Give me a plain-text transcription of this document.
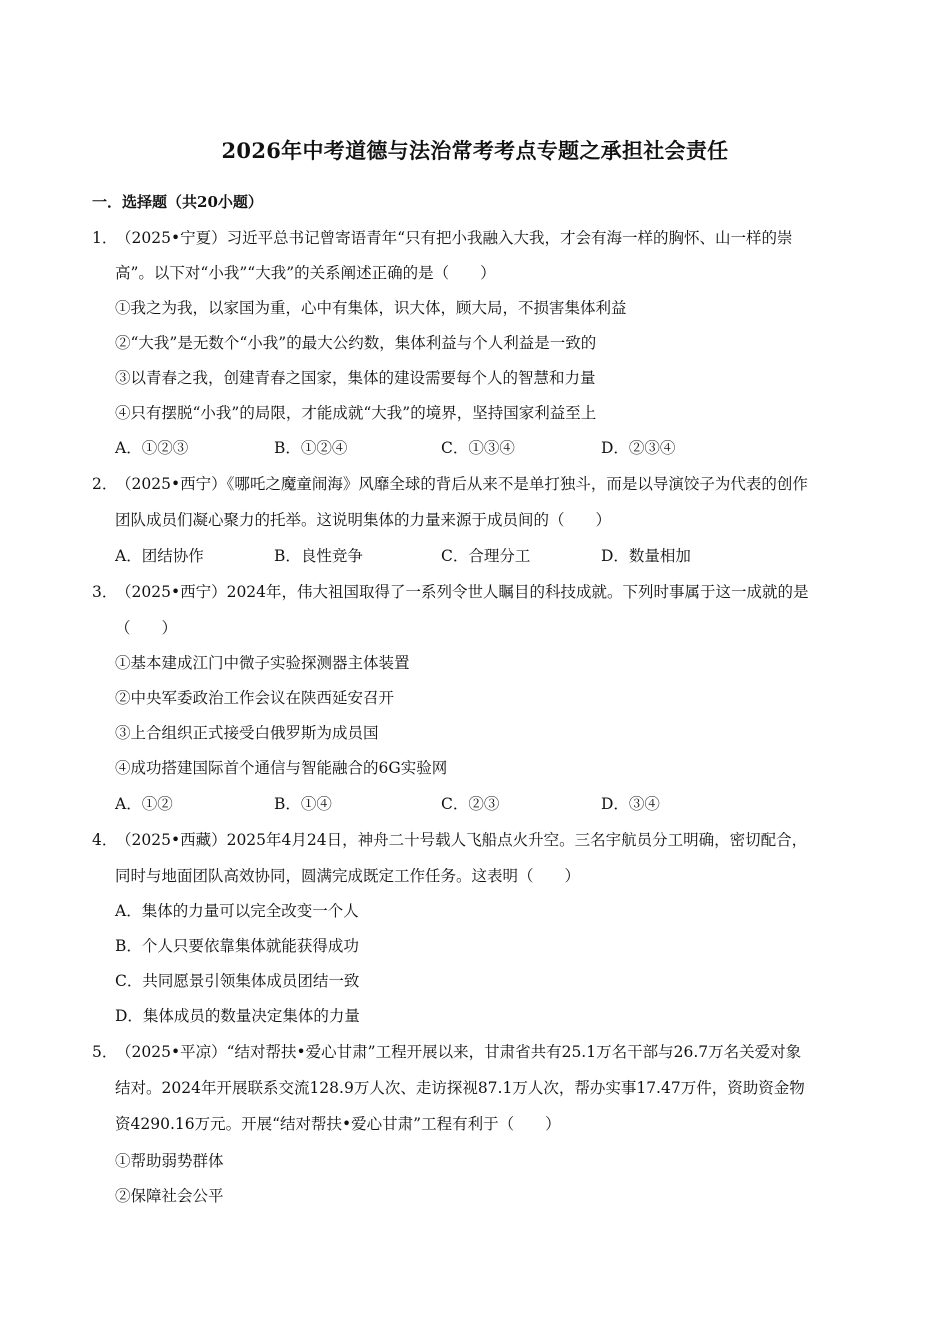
2026年中考道德与法治常考考点专题之承担社会责任
一．选择题（共20小题）
1．（2025•宁夏）习近平总书记曾寄语青年“只有把小我融入大我，才会有海一样的胸怀、山一样的崇
高”。以下对“小我”“大我”的关系阐述正确的是（　　）
①我之为我，以家国为重，心中有集体，识大体，顾大局，不损害集体利益
②“大我”是无数个“小我”的最大公约数，集体利益与个人利益是一致的
③以青春之我，创建青春之国家，集体的建设需要每个人的智慧和力量
④只有摆脱“小我”的局限，才能成就“大我”的境界，坚持国家利益至上
A．①②③	B．①②④	C．①③④	D．②③④
2．（2025•西宁）《哪吒之魔童闹海》风靡全球的背后从来不是单打独斗，而是以导演饺子为代表的创作
团队成员们凝心聚力的托举。这说明集体的力量来源于成员间的（　　）
A．团结协作	B．良性竞争	C．合理分工	D．数量相加
3．（2025•西宁）2024年，伟大祖国取得了一系列令世人瞩目的科技成就。下列时事属于这一成就的是
（　　）
①基本建成江门中微子实验探测器主体装置
②中央军委政治工作会议在陕西延安召开
③上合组织正式接受白俄罗斯为成员国
④成功搭建国际首个通信与智能融合的6G实验网
A．①②	B．①④	C．②③	D．③④
4．（2025•西藏）2025年4月24日，神舟二十号载人飞船点火升空。三名宇航员分工明确，密切配合，
同时与地面团队高效协同，圆满完成既定工作任务。这表明（　　）
A．集体的力量可以完全改变一个人
B．个人只要依靠集体就能获得成功
C．共同愿景引领集体成员团结一致
D．集体成员的数量决定集体的力量
5．（2025•平凉）“结对帮扶•爱心甘肃”工程开展以来，甘肃省共有25.1万名干部与26.7万名关爱对象
结对。2024年开展联系交流128.9万人次、走访探视87.1万人次，帮办实事17.47万件，资助资金物
资4290.16万元。开展“结对帮扶•爱心甘肃”工程有利于（　　）
①帮助弱势群体
②保障社会公平
